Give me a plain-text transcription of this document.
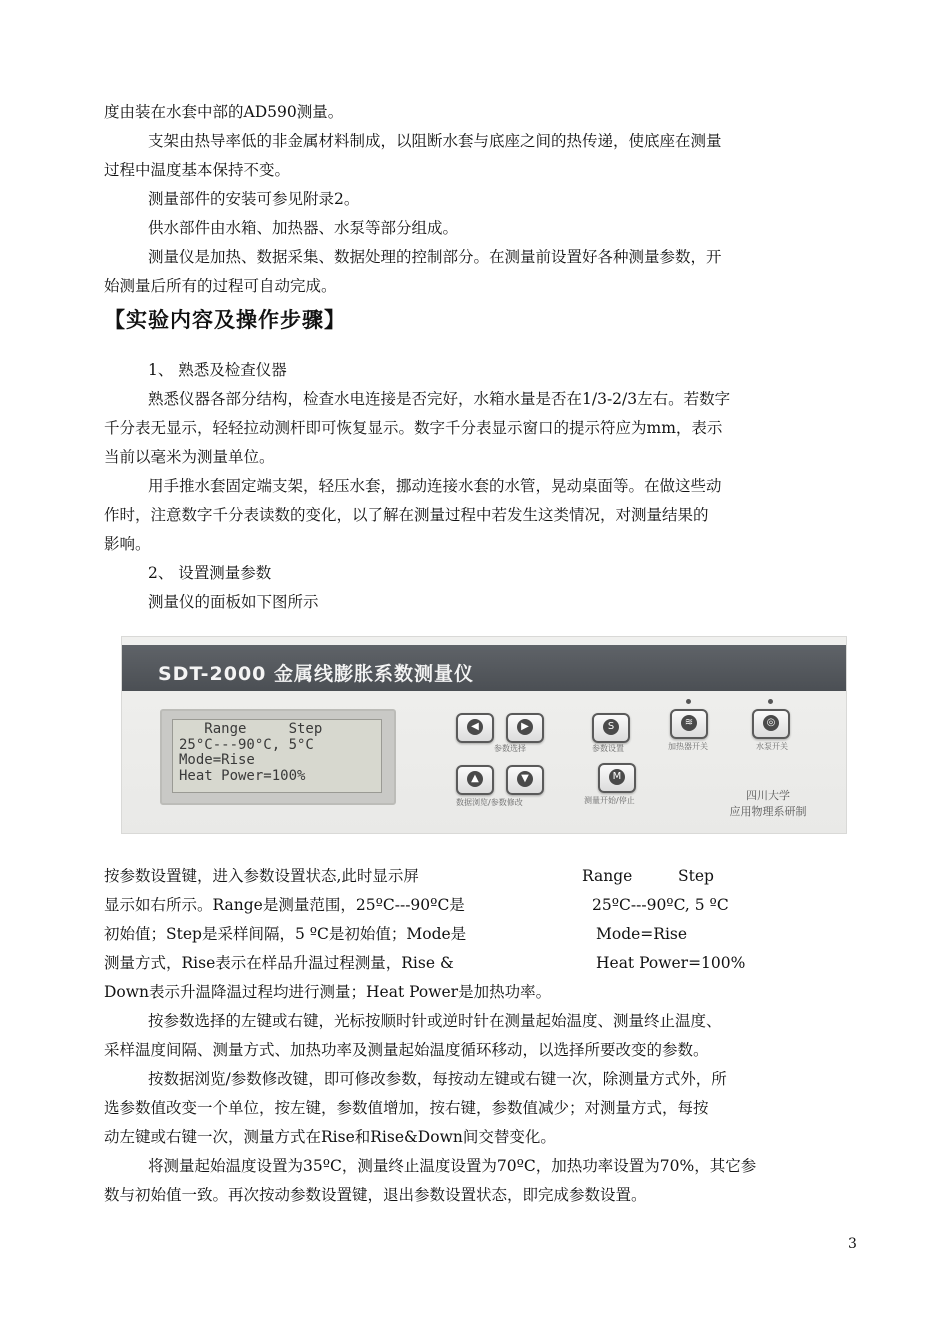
度由装在水套中部的AD590测量。
支架由热导率低的非金属材料制成，以阻断水套与底座之间的热传递，使底座在测量
过程中温度基本保持不变。
测量部件的安装可参见附录2。
供水部件由水箱、加热器、水泵等部分组成。
测量仪是加热、数据采集、数据处理的控制部分。在测量前设置好各种测量参数，开
始测量后所有的过程可自动完成。
【实验内容及操作步骤】
1、 熟悉及检查仪器
熟悉仪器各部分结构，检查水电连接是否完好，水箱水量是否在1/3-2/3左右。若数字
千分表无显示，轻轻拉动测杆即可恢复显示。数字千分表显示窗口的提示符应为mm，表示
当前以毫米为测量单位。
用手推水套固定端支架，轻压水套，挪动连接水套的水管，晃动桌面等。在做这些动
作时，注意数字千分表读数的变化，以了解在测量过程中若发生这类情况，对测量结果的
影响。
2、 设置测量参数
测量仪的面板如下图所示
SDT-2000 金属线膨胀系数测量仪
Range     Step
25°C---90°C, 5°C
Mode=Rise
Heat Power=100%
◀	▶
参数选择
S
参数设置
≋
加热器开关
◎
水泵开关
▲	▼
数据浏览/参数修改
M
测量开始/停止	四川大学
应用物理系研制
按参数设置键，进入参数设置状态,此时显示屏
显示如右所示。Range是测量范围，25ºC---90ºC是
初始值；Step是采样间隔，5 ºC是初始值；Mode是
测量方式，Rise表示在样品升温过程测量，Rise &
Down表示升温降温过程均进行测量；Heat Power是加热功率。
Range	Step
25ºC---90ºC, 5 ºC
Mode=Rise
Heat Power=100%
按参数选择的左键或右键，光标按顺时针或逆时针在测量起始温度、测量终止温度、
采样温度间隔、测量方式、加热功率及测量起始温度循环移动，以选择所要改变的参数。
按数据浏览/参数修改键，即可修改参数，每按动左键或右键一次，除测量方式外，所
选参数值改变一个单位，按左键，参数值增加，按右键，参数值减少；对测量方式，每按
动左键或右键一次，测量方式在Rise和Rise&Down间交替变化。
将测量起始温度设置为35ºC，测量终止温度设置为70ºC，加热功率设置为70%，其它参
数与初始值一致。再次按动参数设置键，退出参数设置状态，即完成参数设置。
3
